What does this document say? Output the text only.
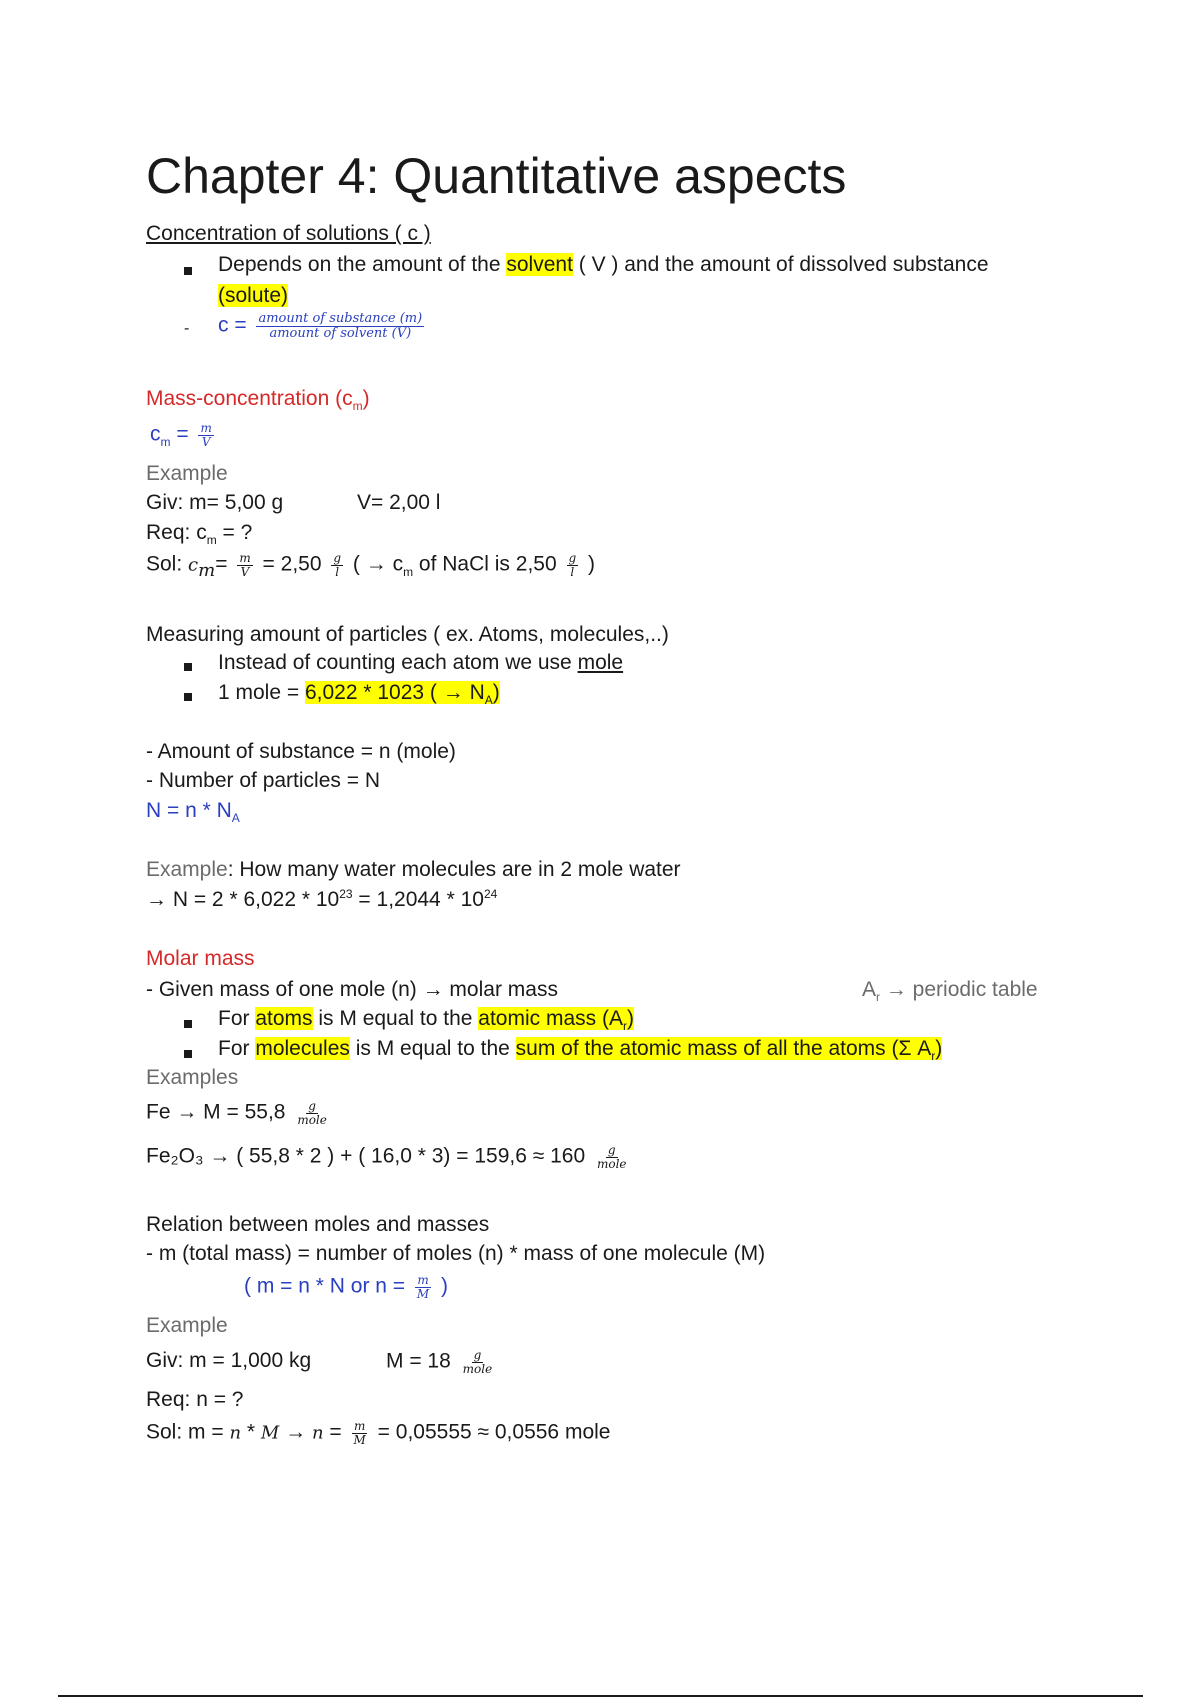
Chapter 4: Quantitative aspects
Concentration of solutions ( c )
Depends on the amount of the solvent ( V ) and the amount of dissolved substance
(solute)
- $c = \frac{\text{amount of substance (m)}}{\text{amount of solvent (V)}}$
Mass-concentration $(c_m)$
$c_m = \frac{m}{V}$
Example
Giv: m= 5,00 g	V= 2,00 l
Req: $c_m$ = ?
Sol: $c_m= \frac{m}{V} = 2,50 \frac{g}{l}$ ( → $c_m$ of NaCl is $2,50 \frac{g}{l}$ )
Measuring amount of particles ( ex. Atoms, molecules,..)
Instead of counting each atom we use mole
1 mole = 6,022 * 1023 ( → $N_A$)
- Amount of substance = n (mole)
- Number of particles = N
$N = n * N_A$
Example: How many water molecules are in 2 mole water
→ $N = 2 * 6,022 * 10^{23} = 1,2044 * 10^{24}$
Molar mass
- Given mass of one mole (n) → molar mass	$A_r$ → periodic table
For atoms is M equal to the atomic mass $(A_r)$
For molecules is M equal to the sum of the atomic mass of all the atoms (Σ $A_r$)
Examples
$Fe \to M = 55,8 \frac{g}{\text{mole}}$
Fe₂O₃ → ( 55,8 * 2 ) + ( $16,0 * 3) = 159,6 \approx 160 \frac{g}{\text{mole}}$
Relation between moles and masses
- m (total mass) = number of moles (n) * mass of one molecule (M)
( m = n * N or $n = \frac{m}{M}$ )
Example
Giv: m = 1,000 kg	$M = 18 \frac{g}{\text{mole}}$
Req: n = ?
Sol: $m = n * M \to n = \frac{m}{M} = 0,05555 \approx 0,0556$ mole
